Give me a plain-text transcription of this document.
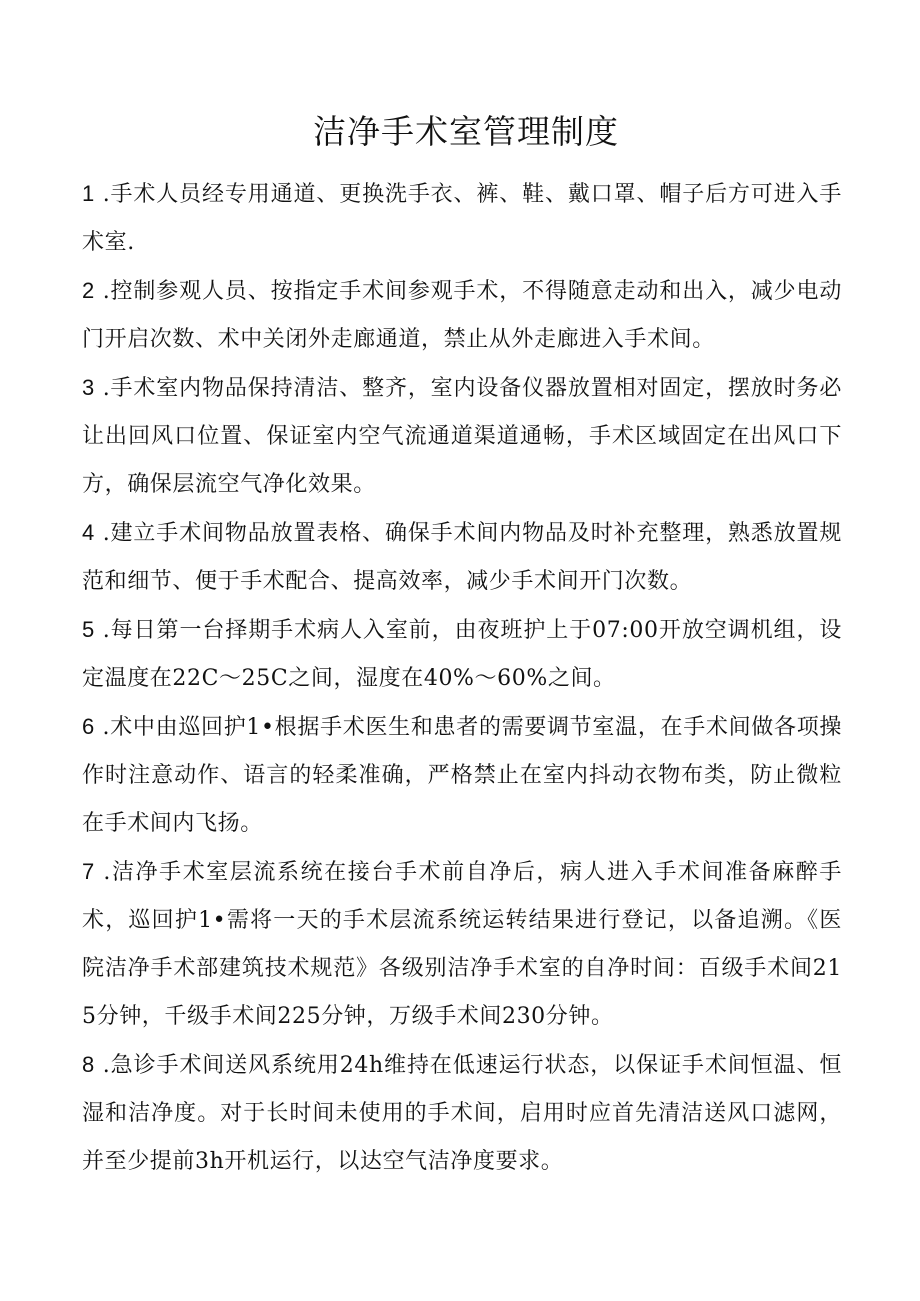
洁净手术室管理制度

1 .手术人员经专用通道、更换洗手衣、裤、鞋、戴口罩、帽子后方可进入手术室.

2 .控制参观人员、按指定手术间参观手术，不得随意走动和出入，减少电动门开启次数、术中关闭外走廊通道，禁止从外走廊进入手术间。

3 .手术室内物品保持清洁、整齐，室内设备仪器放置相对固定，摆放时务必让出回风口位置、保证室内空气流通道渠道通畅，手术区域固定在出风口下方，确保层流空气净化效果。

4 .建立手术间物品放置表格、确保手术间内物品及时补充整理，熟悉放置规范和细节、便于手术配合、提高效率，减少手术间开门次数。

5 .每日第一台择期手术病人入室前，由夜班护上于07:00开放空调机组，设定温度在22C～25C之间，湿度在40%～60%之间。

6 .术中由巡回护1•根据手术医生和患者的需要调节室温，在手术间做各项操作时注意动作、语言的轻柔准确，严格禁止在室内抖动衣物布类，防止微粒在手术间内飞扬。

7 .洁净手术室层流系统在接台手术前自净后，病人进入手术间准备麻醉手术，巡回护1•需将一天的手术层流系统运转结果进行登记，以备追溯。《医院洁净手术部建筑技术规范》各级别洁净手术室的自净时间：百级手术间215分钟，千级手术间225分钟，万级手术间230分钟。

8 .急诊手术间送风系统用24h维持在低速运行状态，以保证手术间恒温、恒湿和洁净度。对于长时间未使用的手术间，启用时应首先清洁送风口滤网，并至少提前3h开机运行，以达空气洁净度要求。
